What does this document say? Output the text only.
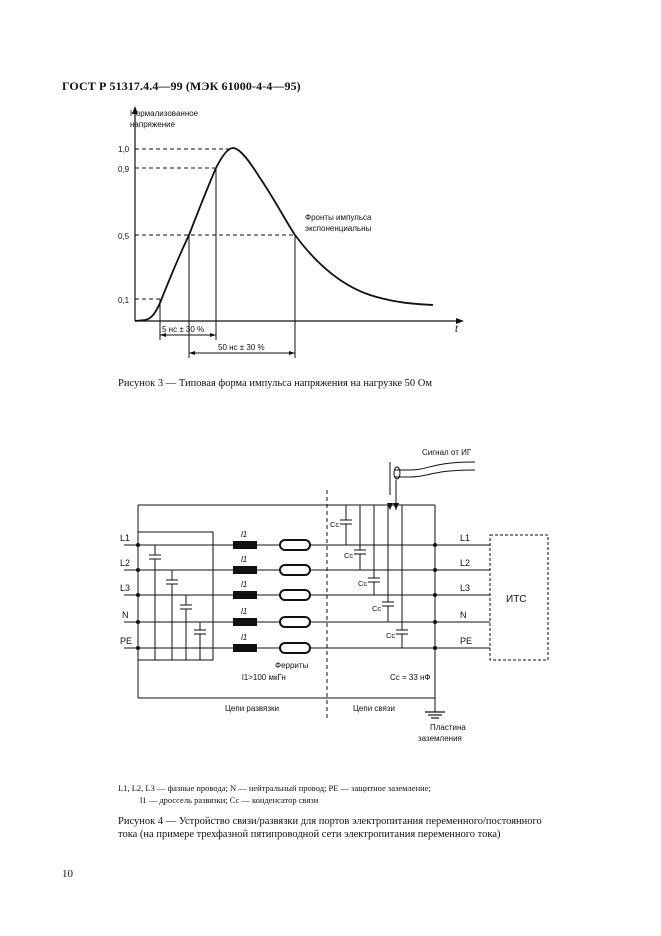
ГОСТ Р 51317.4.4—99 (МЭК 61000-4-4—95)
Нормализованное
напряжение
1,0
0,9
0,5
0,1
Фронты импульса
экспоненциальны
t
5 нс ± 30 %
50 нс ± 30 %
Рисунок 3 — Типовая форма импульса напряжения на нагрузке 50 Ом
Сигнал от ИГ
L1
L2
L3
N
PE
L1
L2
L3
N
PE
l1
l1
l1
l1
l1
Ферриты
l1>100 мкГн
Cc
Cc
Cc
Cc
Cc
Cc = 33 нФ
ИТС
Цепи развязки	Цепи связи
Пластина
заземления
L1, L2, L3 — фазные провода; N — нейтральный провод; PE — защитное заземление;
l1 — дроссель развязки; Cc — конденсатор связи
Рисунок 4 — Устройство связи/развязки для портов электропитания переменного/постоянного тока (на примере трехфазной пятипроводной сети электропитания переменного тока)
10
